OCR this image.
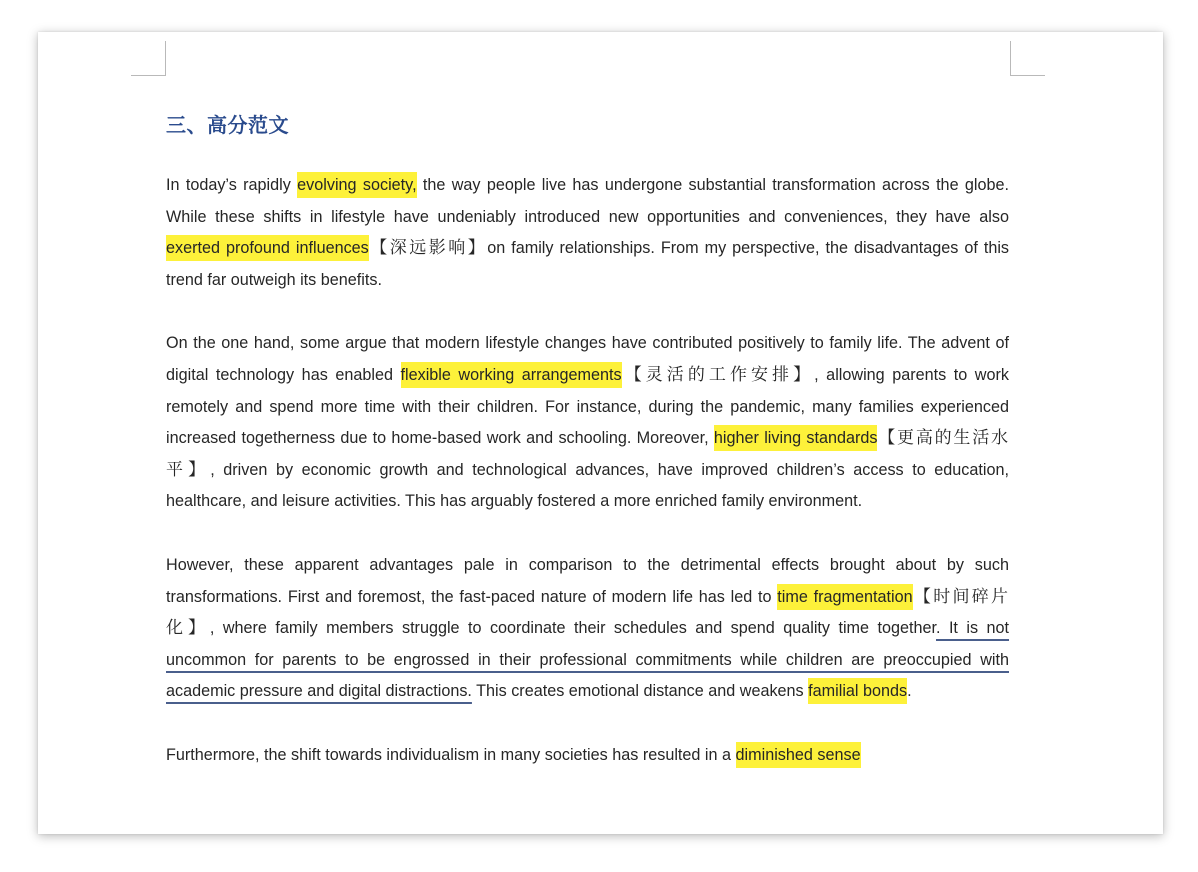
三、高分范文

In today’s rapidly evolving society, the way people live has undergone substantial transformation across the globe. While these shifts in lifestyle have undeniably introduced new opportunities and conveniences, they have also exerted profound influences【深远影响】on family relationships. From my perspective, the disadvantages of this trend far outweigh its benefits.

On the one hand, some argue that modern lifestyle changes have contributed positively to family life. The advent of digital technology has enabled flexible working arrangements【灵活的工作安排】, allowing parents to work remotely and spend more time with their children. For instance, during the pandemic, many families experienced increased togetherness due to home-based work and schooling. Moreover, higher living standards【更高的生活水平】, driven by economic growth and technological advances, have improved children’s access to education, healthcare, and leisure activities. This has arguably fostered a more enriched family environment.

However, these apparent advantages pale in comparison to the detrimental effects brought about by such transformations. First and foremost, the fast-paced nature of modern life has led to time fragmentation【时间碎片化】, where family members struggle to coordinate their schedules and spend quality time together. It is not uncommon for parents to be engrossed in their professional commitments while children are preoccupied with academic pressure and digital distractions. This creates emotional distance and weakens familial bonds.

Furthermore, the shift towards individualism in many societies has resulted in a diminished sense
